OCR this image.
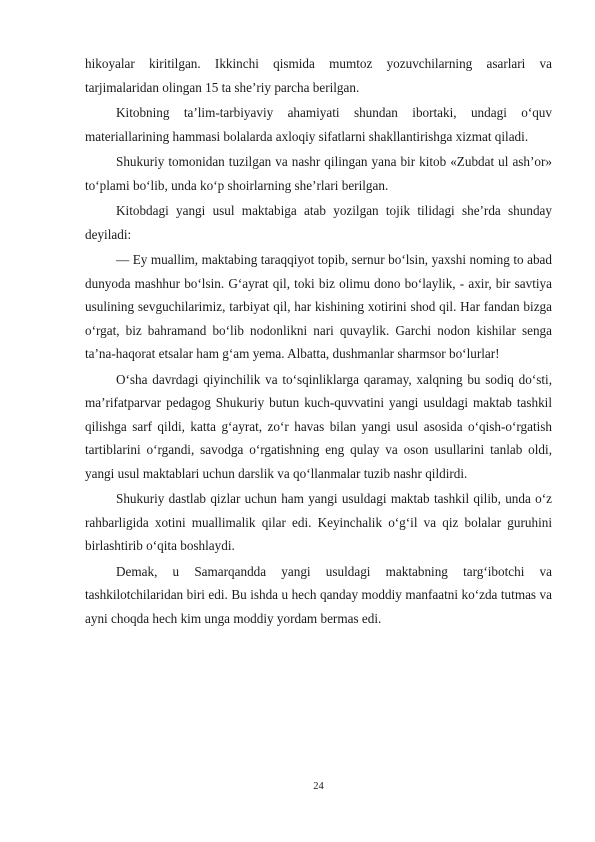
hikoyalar kiritilgan. Ikkinchi qismida mumtoz yozuvchilarning asarlari va tarjimalaridan olingan 15 ta she’riy parcha berilgan.

Kitobning ta’lim-tarbiyaviy ahamiyati shundan ibortaki, undagi o‘quv materiallarining hammasi bolalarda axloqiy sifatlarni shakllantirishga xizmat qiladi.

Shukuriy tomonidan tuzilgan va nashr qilingan yana bir kitob «Zubdat ul ash’or» to‘plami bo‘lib, unda ko‘p shoirlarning she’rlari berilgan.

Kitobdagi yangi usul maktabiga atab yozilgan tojik tilidagi she’rda shunday deyiladi:

— Ey muallim, maktabing taraqqiyot topib, sernur bo‘lsin, yaxshi noming to abad dunyoda mashhur bo‘lsin. G‘ayrat qil, toki biz olimu dono bo‘laylik, - axir, bir savtiya usulining sevguchilarimiz, tarbiyat qil, har kishining xotirini shod qil. Har fandan bizga o‘rgat, biz bahramand bo‘lib nodonlikni nari quvaylik. Garchi nodon kishilar senga ta’na-haqorat etsalar ham g‘am yema. Albatta, dushmanlar sharmsor bo‘lurlar!

O‘sha davrdagi qiyinchilik va to‘sqinliklarga qaramay, xalqning bu sodiq do‘sti, ma’rifatparvar pedagog Shukuriy butun kuch-quvvatini yangi usuldagi maktab tashkil qilishga sarf qildi, katta g‘ayrat, zo‘r havas bilan yangi usul asosida o‘qish-o‘rgatish tartiblarini o‘rgandi, savodga o‘rgatishning eng qulay va oson usullarini tanlab oldi, yangi usul maktablari uchun darslik va qo‘llanmalar tuzib nashr qildirdi.

Shukuriy dastlab qizlar uchun ham yangi usuldagi maktab tashkil qilib, unda o‘z rahbarligida xotini muallimalik qilar edi. Keyinchalik o‘g‘il va qiz bolalar guruhini birlashtirib o‘qita boshlaydi.

Demak, u Samarqandda yangi usuldagi maktabning targ‘ibotchi va tashkilotchilaridan biri edi. Bu ishda u hech qanday moddiy manfaatni ko‘zda tutmas va ayni choqda hech kim unga moddiy yordam bermas edi.

24
